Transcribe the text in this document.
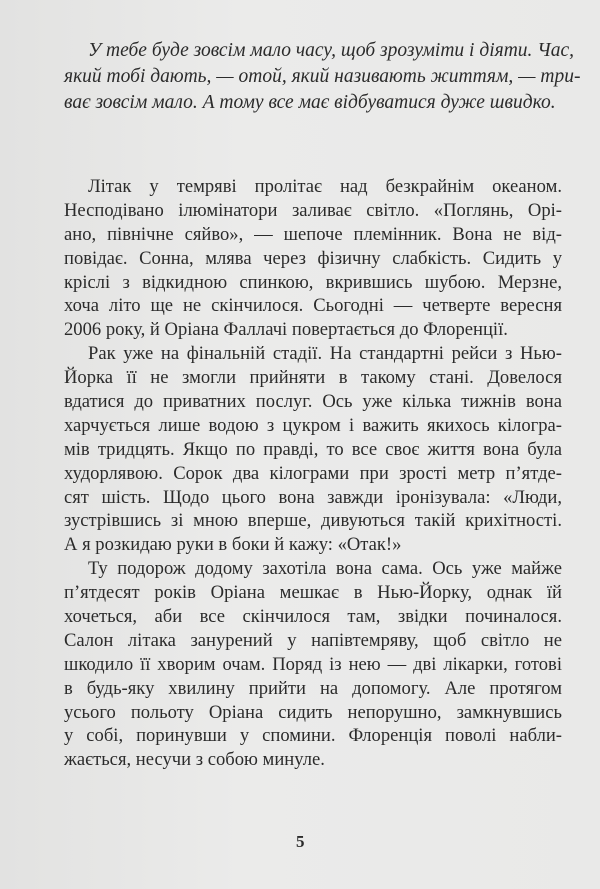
У тебе буде зовсім мало часу, щоб зрозуміти і діяти. Час,
який тобі дають, — отой, який називають життям, — три-
ває зовсім мало. А тому все має відбуватися дуже швидко.
Літак у темряві пролітає над безкрайнім океаном.
Несподівано ілюмінатори заливає світло. «Поглянь, Орі-
ано, північне сяйво», — шепоче племінник. Вона не від-
повідає. Сонна, млява через фізичну слабкість. Сидить у
кріслі з відкидною спинкою, вкрившись шубою. Мерзне,
хоча літо ще не скінчилося. Сьогодні — четверте вересня
2006 року, й Оріана Фаллачі повертається до Флоренції.
Рак уже на фінальній стадії. На стандартні рейси з Нью-
Йорка її не змогли прийняти в такому стані. Довелося
вдатися до приватних послуг. Ось уже кілька тижнів вона
харчується лише водою з цукром і важить якихось кілогра-
мів тридцять. Якщо по правді, то все своє життя вона була
худорлявою. Сорок два кілограми при зрості метр п’ятде-
сят шість. Щодо цього вона завжди іронізувала: «Люди,
зустрівшись зі мною вперше, дивуються такій крихітності.
А я розкидаю руки в боки й кажу: «Отак!»
Ту подорож додому захотіла вона сама. Ось уже майже
п’ятдесят років Оріана мешкає в Нью-Йорку, однак їй
хочеться, аби все скінчилося там, звідки починалося.
Салон літака занурений у напівтемряву, щоб світло не
шкодило її хворим очам. Поряд із нею — дві лікарки, готові
в будь-яку хвилину прийти на допомогу. Але протягом
усього польоту Оріана сидить непорушно, замкнувшись
у собі, поринувши у спомини. Флоренція поволі набли-
жається, несучи з собою минуле.
5
